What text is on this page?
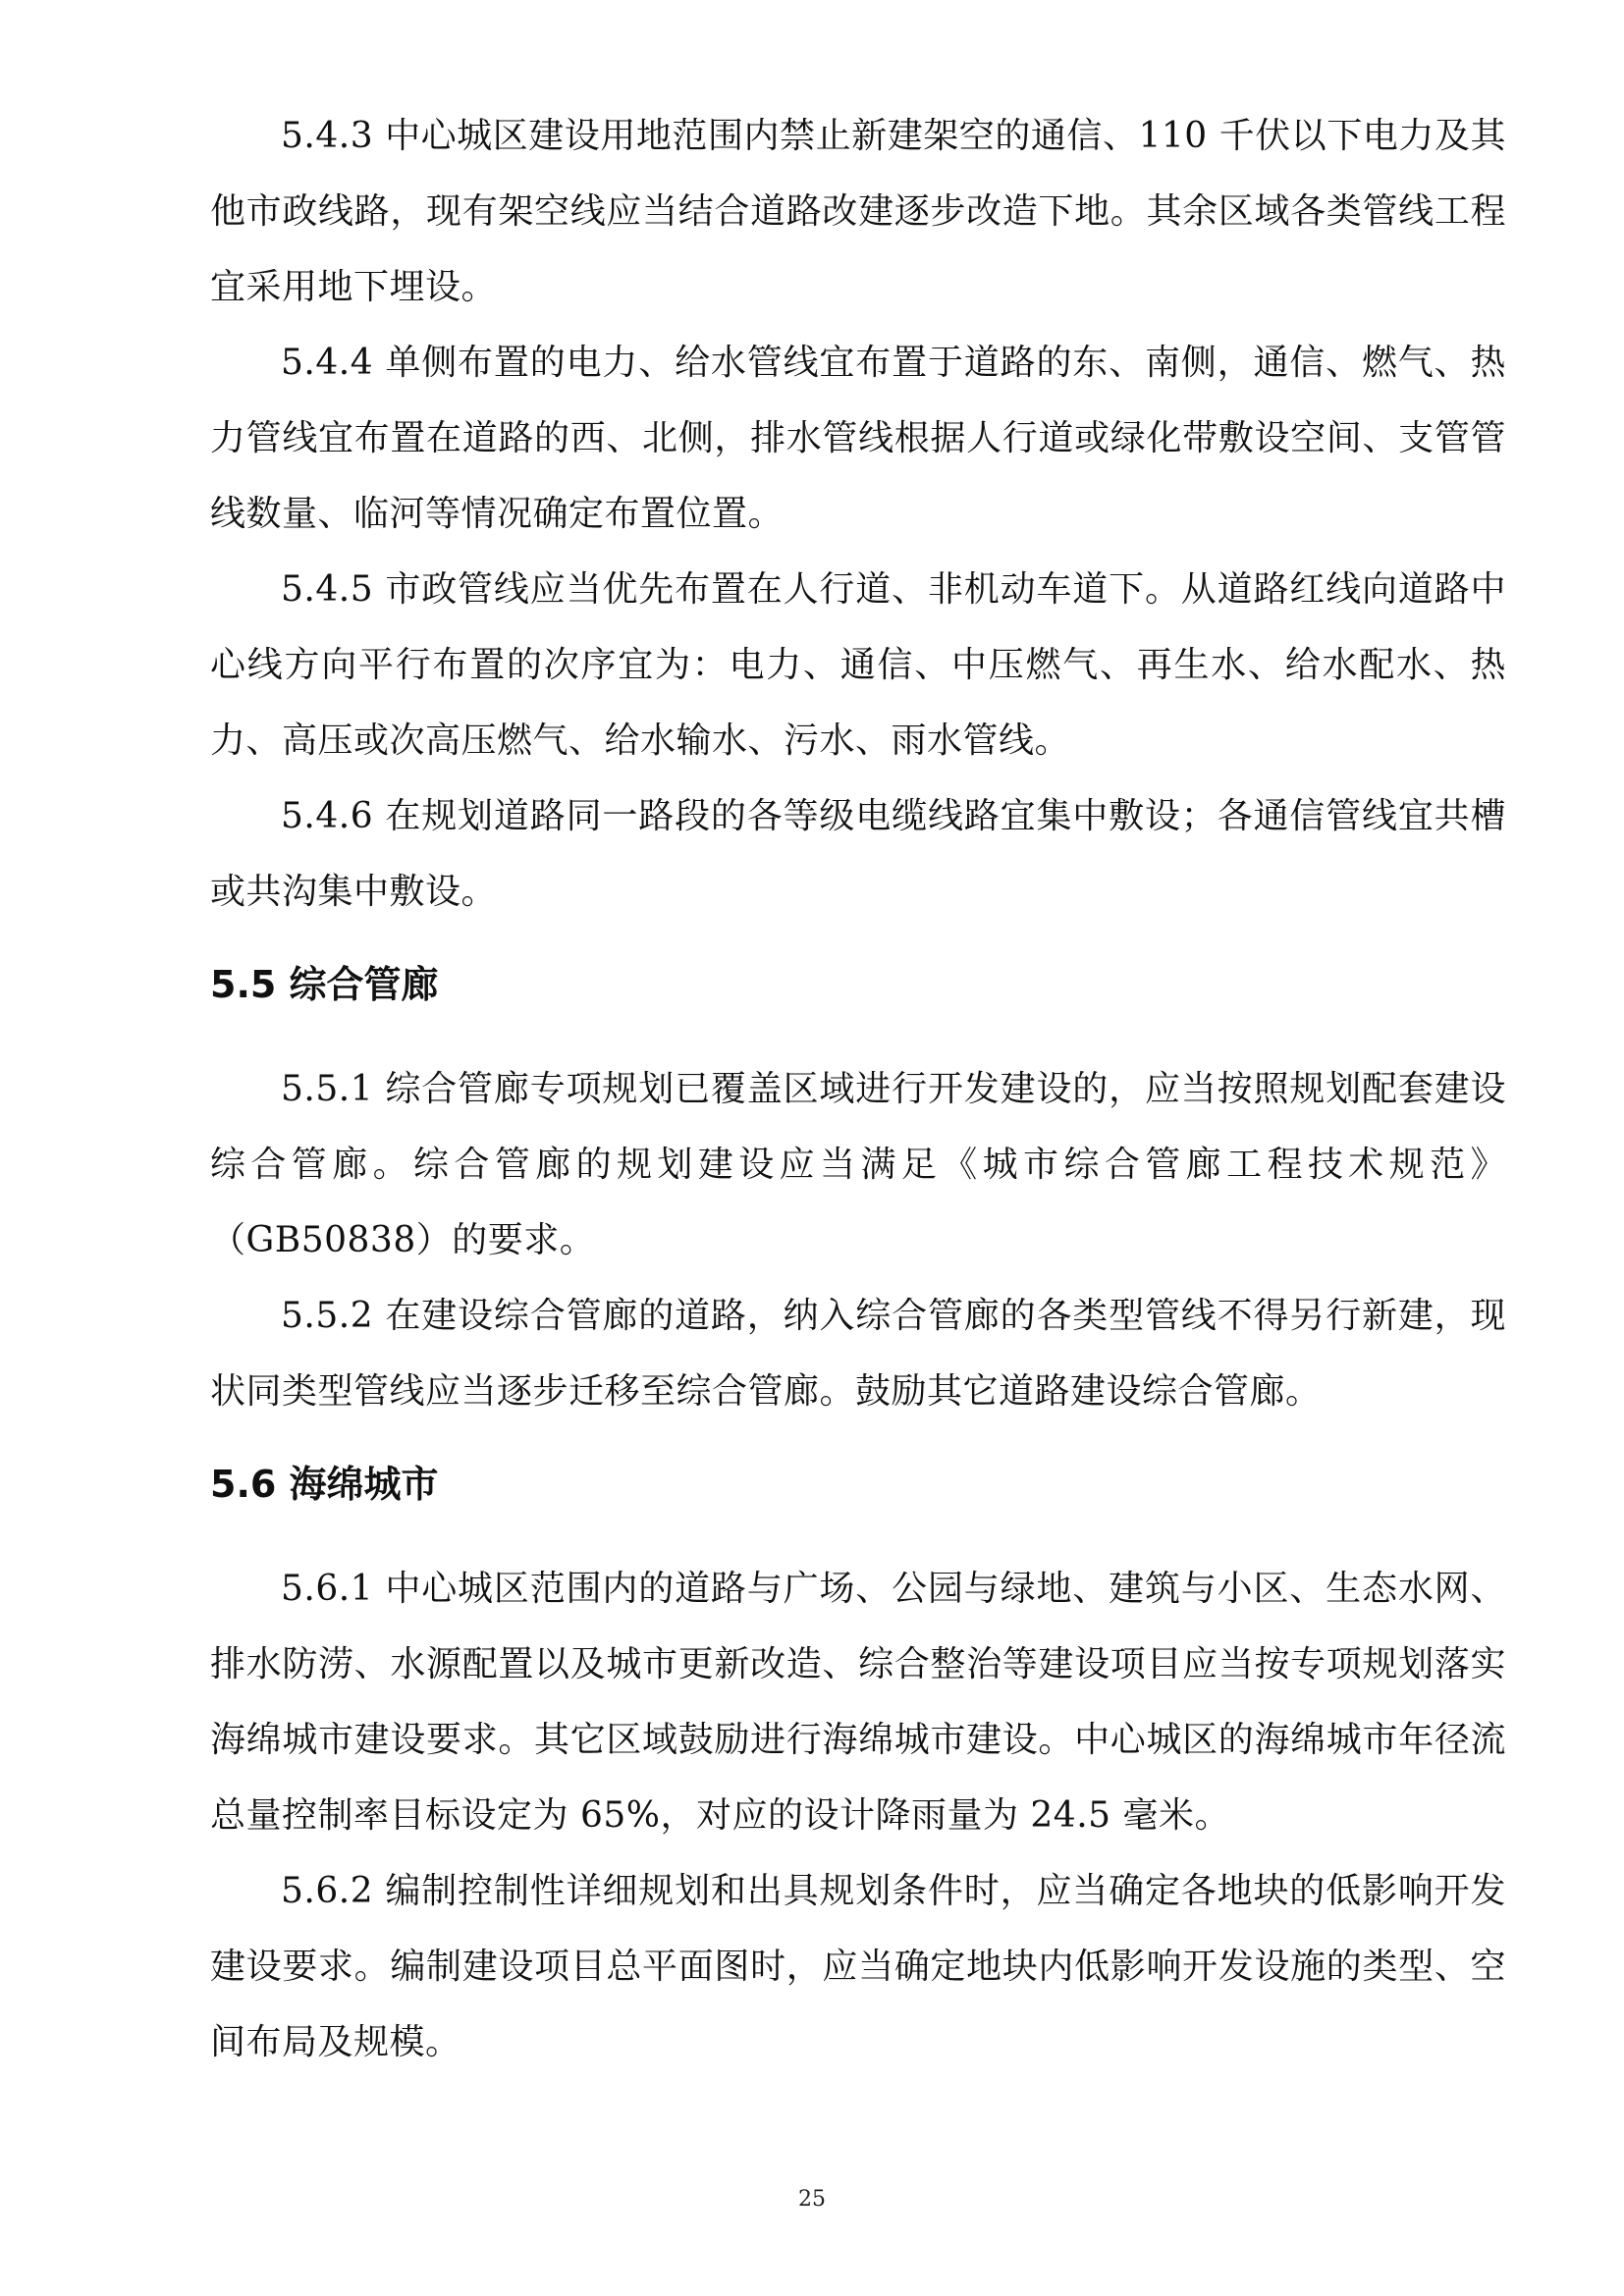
5.4.3 中心城区建设用地范围内禁止新建架空的通信、110 千伏以下电力及其他市政线路，现有架空线应当结合道路改建逐步改造下地。其余区域各类管线工程宜采用地下埋设。

5.4.4 单侧布置的电力、给水管线宜布置于道路的东、南侧，通信、燃气、热力管线宜布置在道路的西、北侧，排水管线根据人行道或绿化带敷设空间、支管管线数量、临河等情况确定布置位置。

5.4.5 市政管线应当优先布置在人行道、非机动车道下。从道路红线向道路中心线方向平行布置的次序宜为：电力、通信、中压燃气、再生水、给水配水、热力、高压或次高压燃气、给水输水、污水、雨水管线。

5.4.6 在规划道路同一路段的各等级电缆线路宜集中敷设；各通信管线宜共槽或共沟集中敷设。

5.5 综合管廊

5.5.1 综合管廊专项规划已覆盖区域进行开发建设的，应当按照规划配套建设综合管廊。综合管廊的规划建设应当满足《城市综合管廊工程技术规范》（GB50838）的要求。

5.5.2 在建设综合管廊的道路，纳入综合管廊的各类型管线不得另行新建，现状同类型管线应当逐步迁移至综合管廊。鼓励其它道路建设综合管廊。

5.6 海绵城市

5.6.1 中心城区范围内的道路与广场、公园与绿地、建筑与小区、生态水网、排水防涝、水源配置以及城市更新改造、综合整治等建设项目应当按专项规划落实海绵城市建设要求。其它区域鼓励进行海绵城市建设。中心城区的海绵城市年径流总量控制率目标设定为 65%，对应的设计降雨量为 24.5 毫米。

5.6.2 编制控制性详细规划和出具规划条件时，应当确定各地块的低影响开发建设要求。编制建设项目总平面图时，应当确定地块内低影响开发设施的类型、空间布局及规模。

25
